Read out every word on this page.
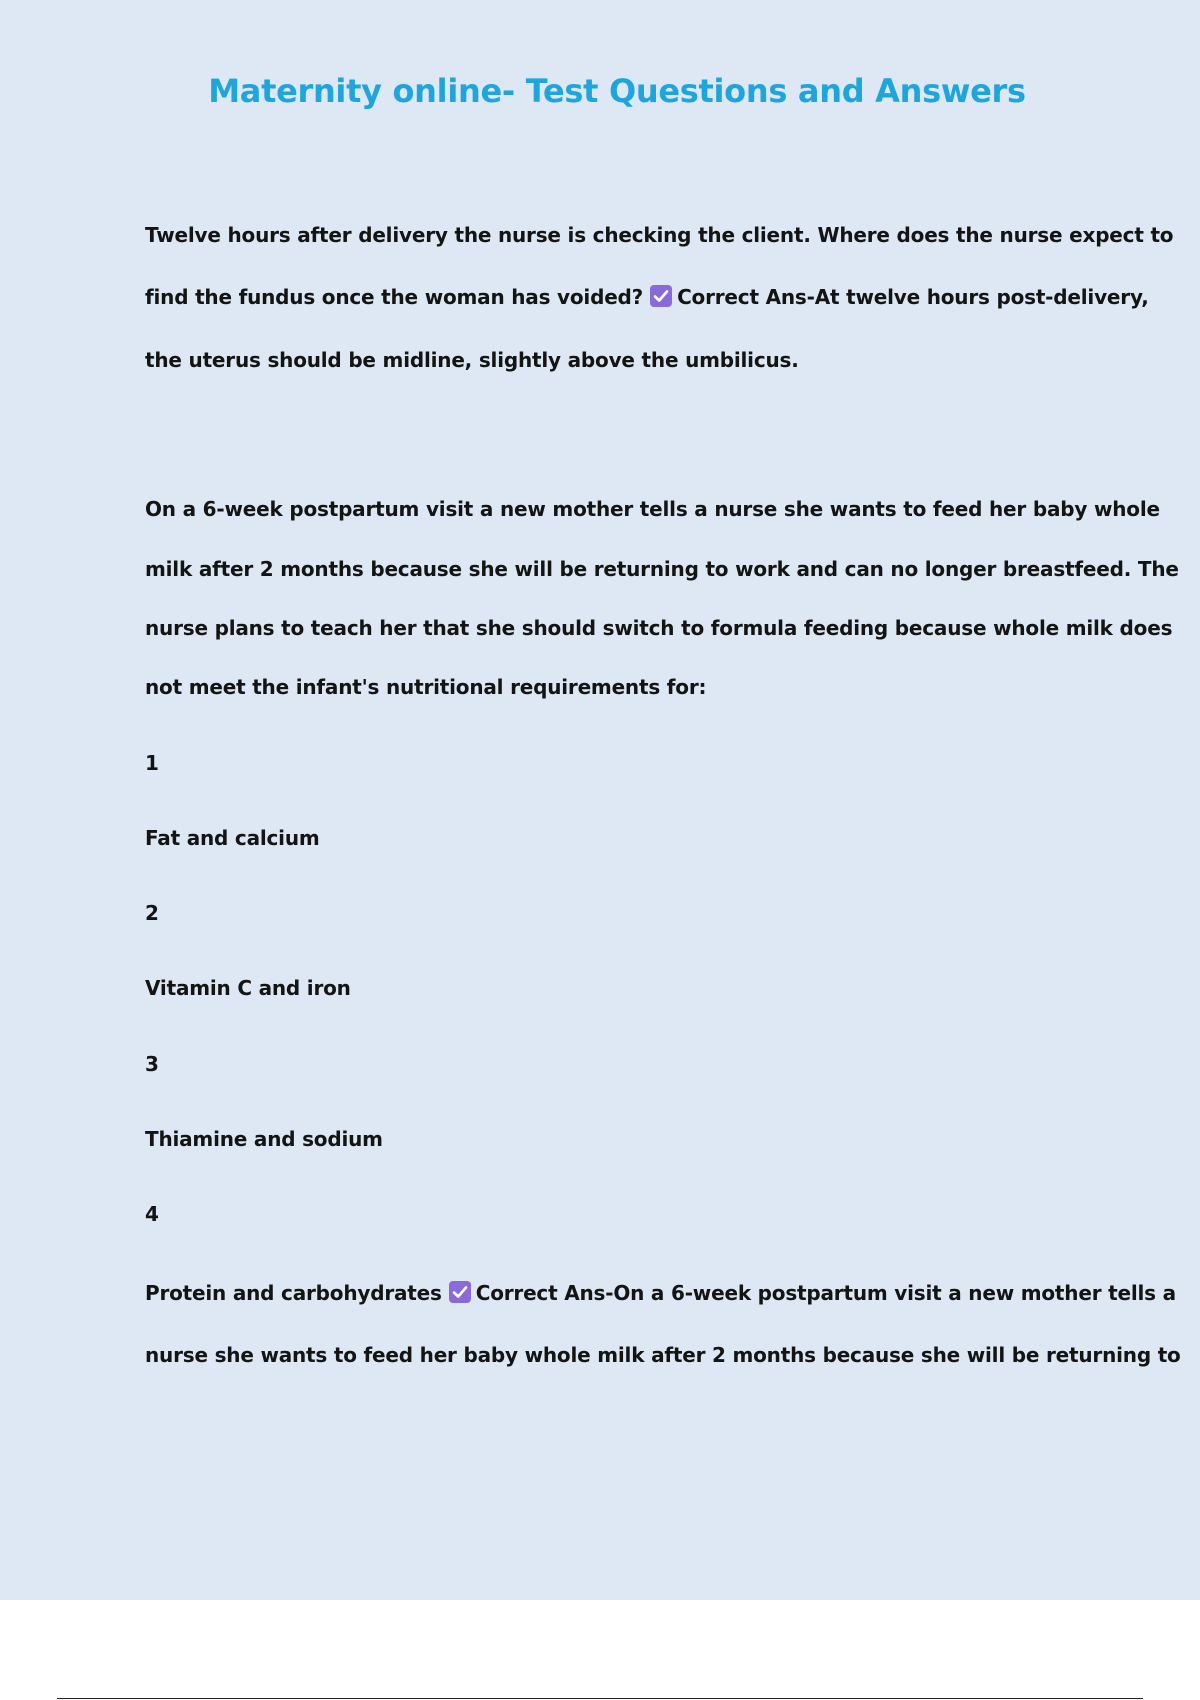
Maternity online- Test Questions and Answers
Twelve hours after delivery the nurse is checking the client. Where does the nurse expect to
find the fundus once the woman has voided? Correct Ans-At twelve hours post-delivery,
the uterus should be midline, slightly above the umbilicus.
On a 6-week postpartum visit a new mother tells a nurse she wants to feed her baby whole
milk after 2 months because she will be returning to work and can no longer breastfeed. The
nurse plans to teach her that she should switch to formula feeding because whole milk does
not meet the infant's nutritional requirements for:
1
Fat and calcium
2
Vitamin C and iron
3
Thiamine and sodium
4
Protein and carbohydrates Correct Ans-On a 6-week postpartum visit a new mother tells a
nurse she wants to feed her baby whole milk after 2 months because she will be returning to
